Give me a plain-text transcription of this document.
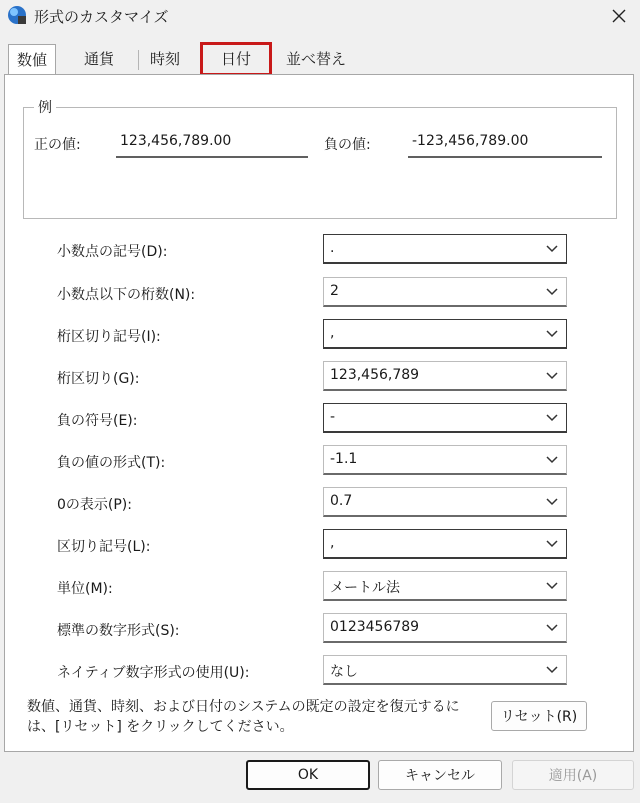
形式のカスタマイズ
数値	通貨	時刻	日付	並べ替え
例
正の値:	123,456,789.00	負の値:	-123,456,789.00
小数点の記号(D):	.
小数点以下の桁数(N):	2
桁区切り記号(I):	,
桁区切り(G):	123,456,789
負の符号(E):	-
負の値の形式(T):	-1.1
0の表示(P):	0.7
区切り記号(L):	,
単位(M):	メートル法
標準の数字形式(S):	0123456789
ネイティブ数字形式の使用(U):	なし
数値、通貨、時刻、および日付のシステムの既定の設定を復元するには、[リセット] をクリックしてください。
リセット(R)
OK	キャンセル	適用(A)
